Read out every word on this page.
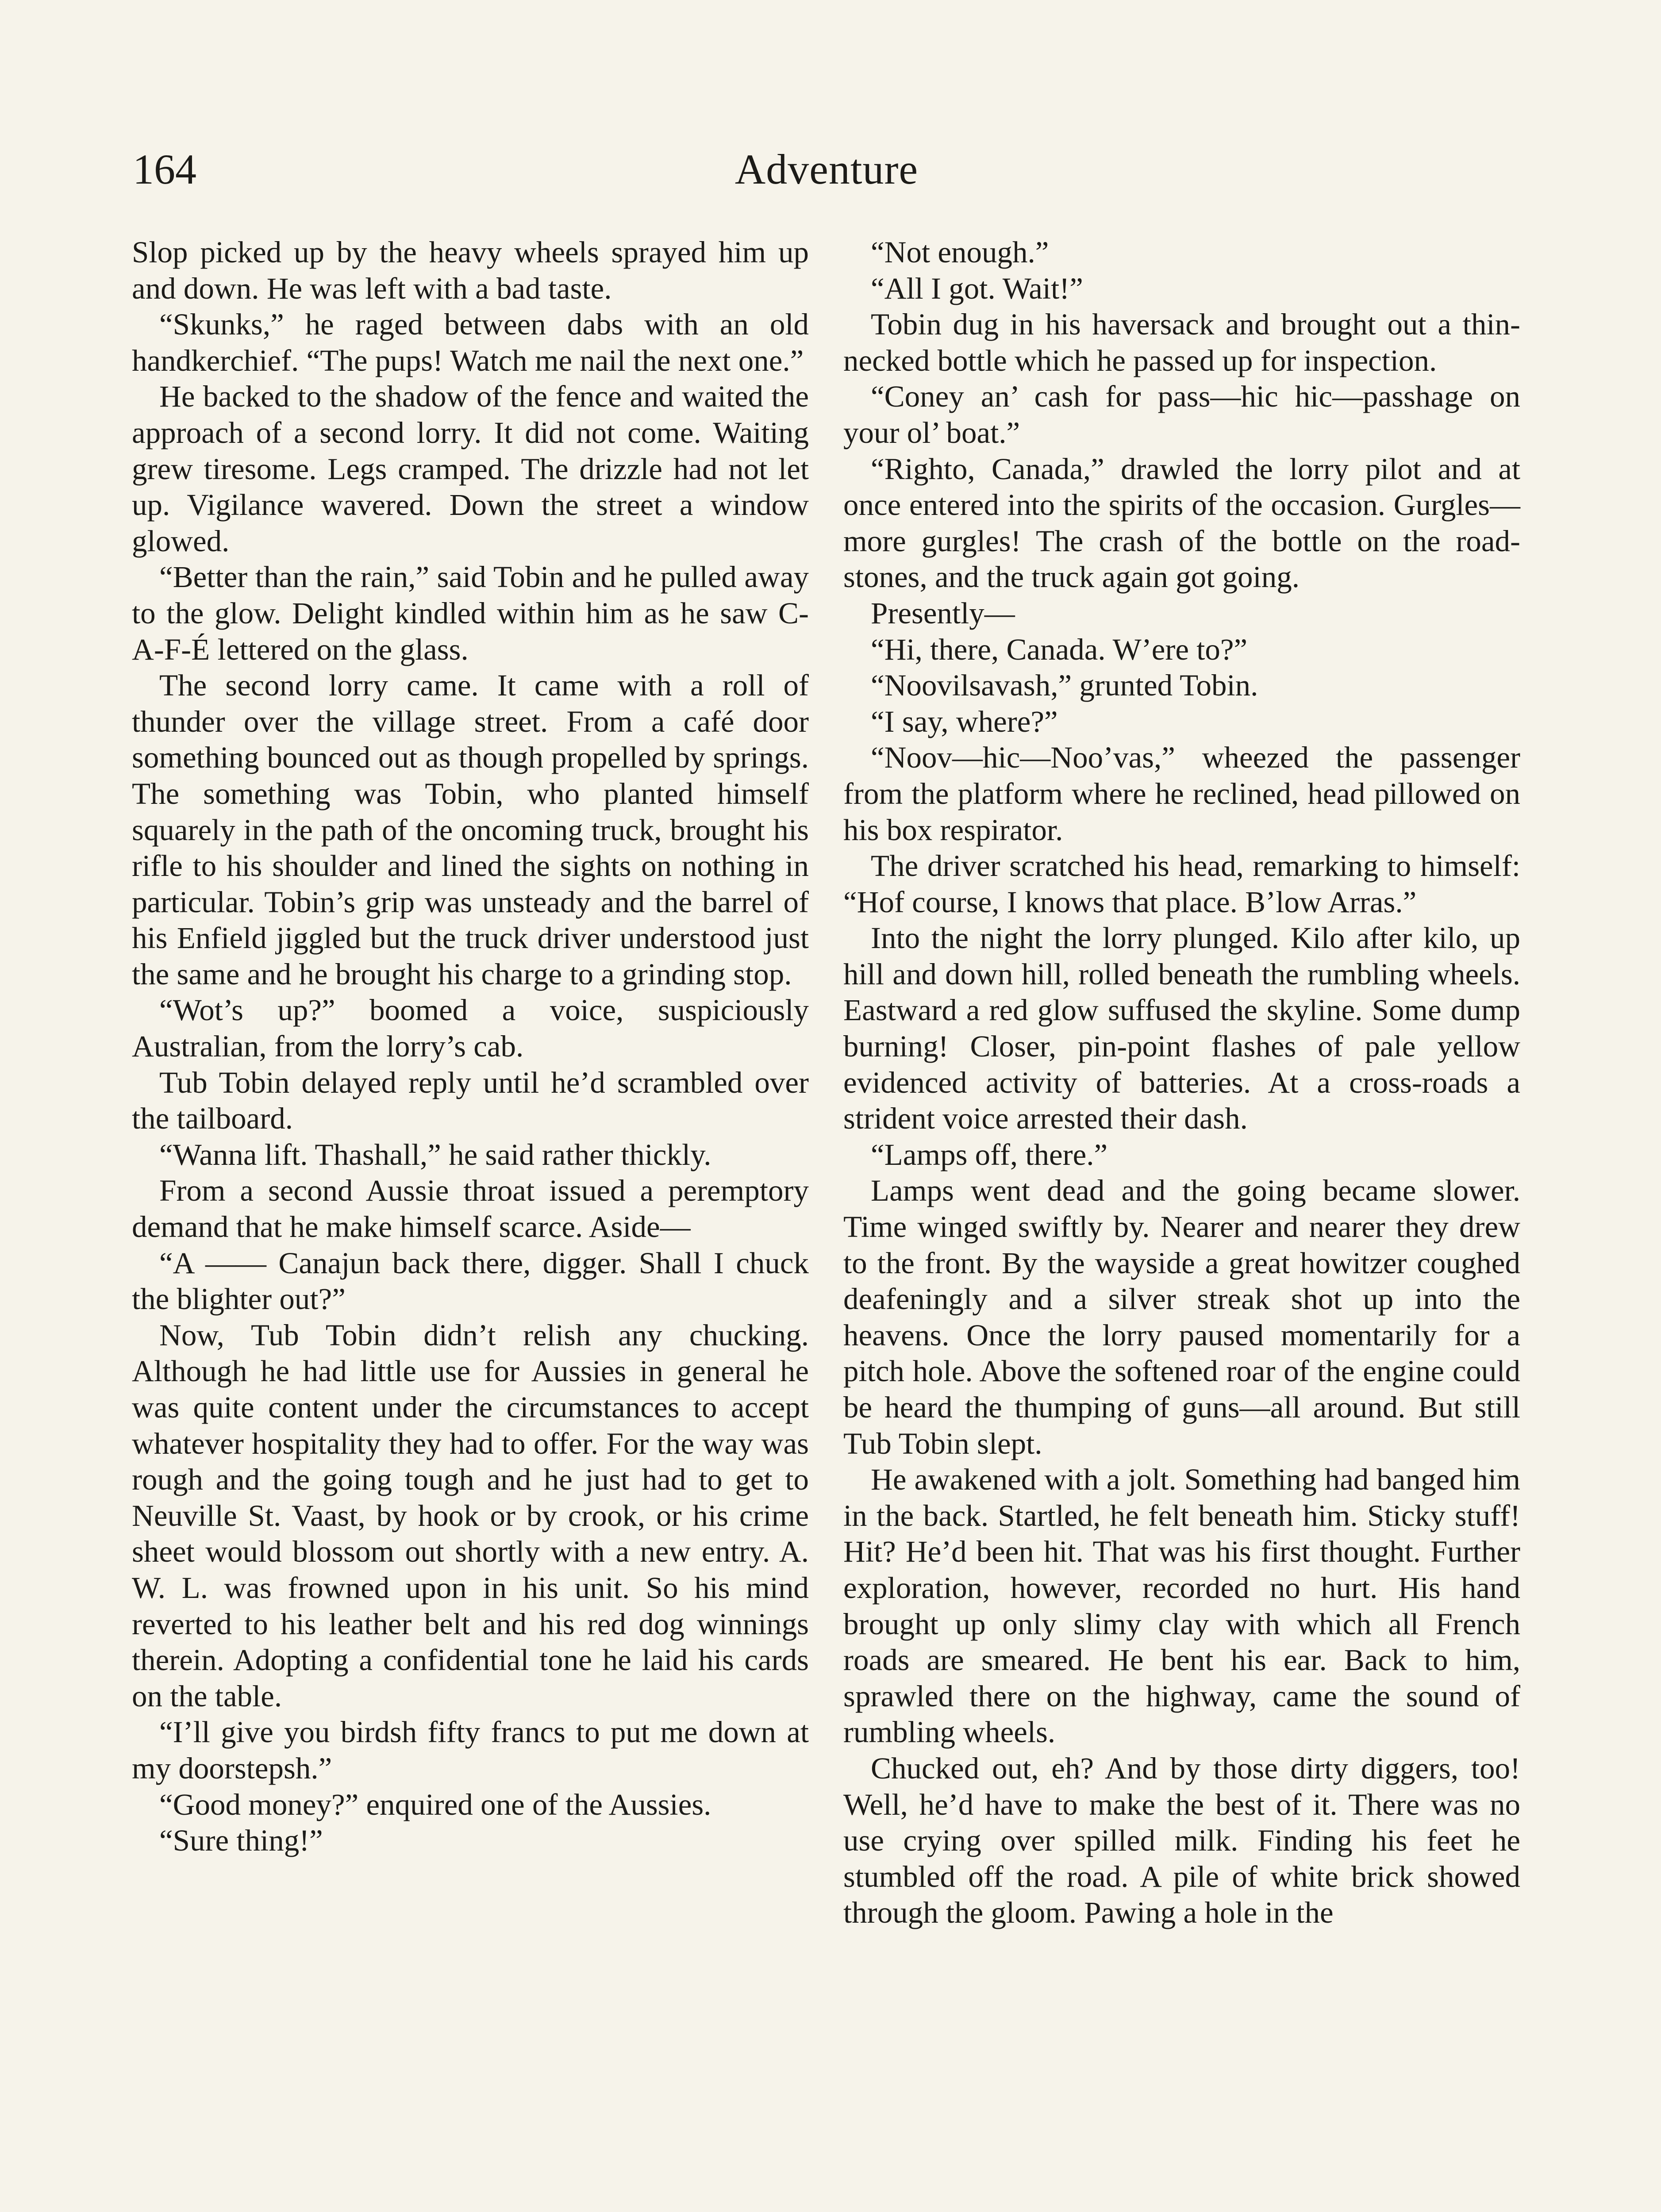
164	Adventure

Slop picked up by the heavy wheels sprayed him up and down. He was left with a bad taste.

“Skunks,” he raged between dabs with an old handkerchief. “The pups! Watch me nail the next one.”

He backed to the shadow of the fence and waited the approach of a second lorry. It did not come. Waiting grew tiresome. Legs cramped. The drizzle had not let up. Vigilance wavered. Down the street a window glowed.

“Better than the rain,” said Tobin and he pulled away to the glow. Delight kindled within him as he saw C-A-F-É lettered on the glass.

The second lorry came. It came with a roll of thunder over the village street. From a café door something bounced out as though propelled by springs. The something was Tobin, who planted himself squarely in the path of the oncoming truck, brought his rifle to his shoulder and lined the sights on nothing in particular. Tobin’s grip was unsteady and the barrel of his Enfield jiggled but the truck driver understood just the same and he brought his charge to a grinding stop.

“Wot’s up?” boomed a voice, suspiciously Australian, from the lorry’s cab.

Tub Tobin delayed reply until he’d scrambled over the tailboard.

“Wanna lift. Thashall,” he said rather thickly.

From a second Aussie throat issued a peremptory demand that he make himself scarce. Aside—

“A —— Canajun back there, digger. Shall I chuck the blighter out?”

Now, Tub Tobin didn’t relish any chucking. Although he had little use for Aussies in general he was quite content under the circumstances to accept whatever hospitality they had to offer. For the way was rough and the going tough and he just had to get to Neuville St. Vaast, by hook or by crook, or his crime sheet would blossom out shortly with a new entry. A. W. L. was frowned upon in his unit. So his mind reverted to his leather belt and his red dog winnings therein. Adopting a confidential tone he laid his cards on the table.

“I’ll give you birdsh fifty francs to put me down at my doorstepsh.”

“Good money?” enquired one of the Aussies.

“Sure thing!”

“Not enough.”

“All I got. Wait!”

Tobin dug in his haversack and brought out a thin-necked bottle which he passed up for inspection.

“Coney an’ cash for pass—hic hic—passhage on your ol’ boat.”

“Righto, Canada,” drawled the lorry pilot and at once entered into the spirits of the occasion. Gurgles—more gurgles! The crash of the bottle on the road-stones, and the truck again got going.

Presently—

“Hi, there, Canada. W’ere to?”

“Noovilsavash,” grunted Tobin.

“I say, where?”

“Noov—hic—Noo’vas,” wheezed the passenger from the platform where he reclined, head pillowed on his box respirator.

The driver scratched his head, remarking to himself: “Hof course, I knows that place. B’low Arras.”

Into the night the lorry plunged. Kilo after kilo, up hill and down hill, rolled beneath the rumbling wheels. Eastward a red glow suffused the skyline. Some dump burning! Closer, pin-point flashes of pale yellow evidenced activity of batteries. At a cross-roads a strident voice arrested their dash.

“Lamps off, there.”

Lamps went dead and the going became slower. Time winged swiftly by. Nearer and nearer they drew to the front. By the wayside a great howitzer coughed deafeningly and a silver streak shot up into the heavens. Once the lorry paused momentarily for a pitch hole. Above the softened roar of the engine could be heard the thumping of guns—all around. But still Tub Tobin slept.

He awakened with a jolt. Something had banged him in the back. Startled, he felt beneath him. Sticky stuff! Hit? He’d been hit. That was his first thought. Further exploration, however, recorded no hurt. His hand brought up only slimy clay with which all French roads are smeared. He bent his ear. Back to him, sprawled there on the highway, came the sound of rumbling wheels.

Chucked out, eh? And by those dirty diggers, too! Well, he’d have to make the best of it. There was no use crying over spilled milk. Finding his feet he stumbled off the road. A pile of white brick showed through the gloom. Pawing a hole in the
